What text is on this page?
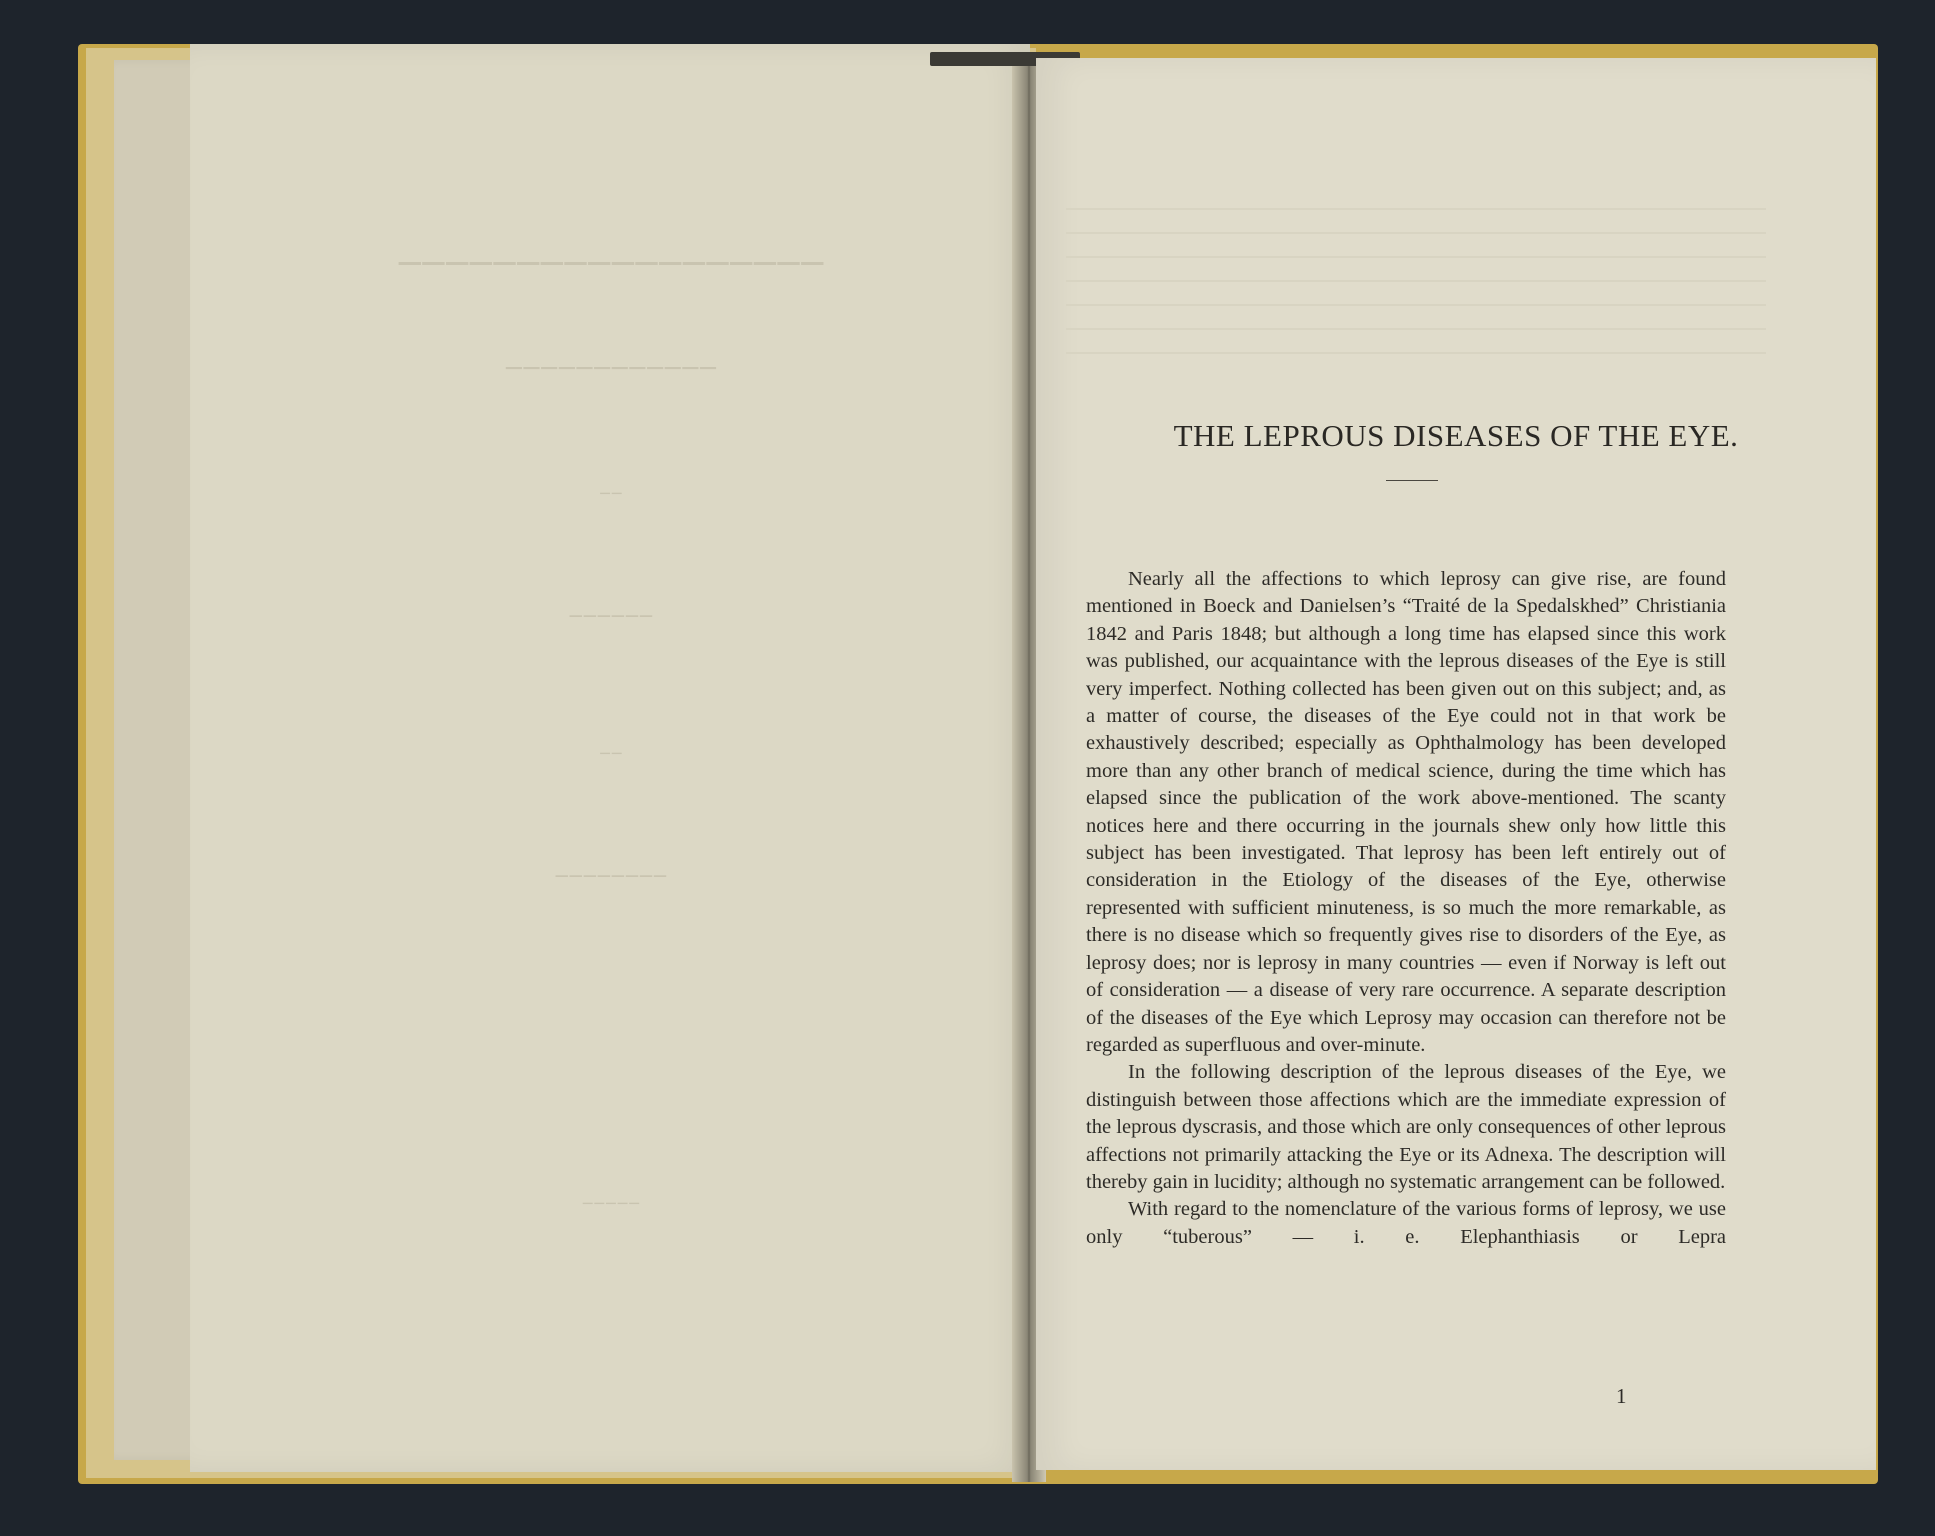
──────────────────
────────────
──
──────
──
────────
─────
THE LEPROUS DISEASES OF THE EYE.

Nearly all the affections to which leprosy can give rise, are found mentioned in Boeck and Danielsen’s “Traité de la Spedalskhed” Christiania 1842 and Paris 1848; but although a long time has elapsed since this work was published, our acquaintance with the leprous diseases of the Eye is still very imperfect. Nothing collected has been given out on this subject; and, as a matter of course, the diseases of the Eye could not in that work be exhaustively described; especially as Ophthalmology has been developed more than any other branch of medical science, during the time which has elapsed since the publication of the work above-mentioned. The scanty notices here and there occurring in the journals shew only how little this subject has been investigated. That leprosy has been left entirely out of consideration in the Etiology of the diseases of the Eye, otherwise represented with sufficient minuteness, is so much the more remarkable, as there is no disease which so frequently gives rise to disorders of the Eye, as leprosy does; nor is leprosy in many countries — even if Norway is left out of consideration — a disease of very rare occurrence. A separate description of the diseases of the Eye which Leprosy may occasion can therefore not be regarded as superfluous and over-minute.

In the following description of the leprous diseases of the Eye, we distinguish between those affections which are the immediate expression of the leprous dyscrasis, and those which are only consequences of other leprous affections not primarily attacking the Eye or its Adnexa. The description will thereby gain in lucidity; although no systematic arrangement can be followed.

With regard to the nomenclature of the various forms of leprosy, we use only “tuberous” — i. e. Elephanthiasis or Lepra

1
